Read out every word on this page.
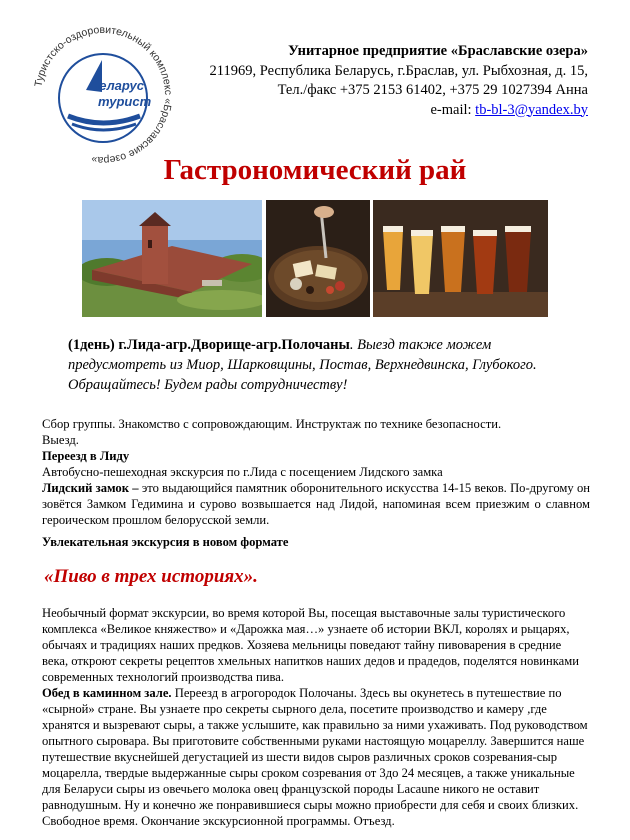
Туристско-оздоровительный комплекс «Браславские озера»
Беларус
турист
Унитарное предприятие «Браславские озера»
211969, Республика Беларусь, г.Браслав, ул. Рыбхозная, д. 15,
Тел./факс +375 2153 61402, +375 29 1027394 Анна
e-mail: tb-bl-3@yandex.by
Гастрономический рай
(1день) г.Лида-агр.Дворище-агр.Полочаны. Выезд также можем предусмотреть из Миор, Шарковщины, Постав, Верхнедвинска, Глубокого. Обращайтесь! Будем рады сотрудничеству!

Сбор группы. Знакомство с сопровождающим. Инструктаж по технике безопасности.

Выезд.

Переезд в Лиду

Автобусно-пешеходная экскурсия по г.Лида с посещением Лидского замка

Лидский замок – это выдающийся памятник оборонительного искусства 14-15 веков. По-другому он зовётся Замком Гедимина и сурово возвышается над Лидой, напоминая всем приезжим о славном героическом прошлом белорусской земли.

Увлекательная экскурсия в новом формате
«Пиво в трех историях».

Необычный формат экскурсии, во время которой Вы, посещая выставочные залы туристического комплекса «Великое княжество» и «Дарожка мая…» узнаете об истории ВКЛ, королях и рыцарях, обычаях и традициях наших предков. Хозяева мельницы поведают тайну пивоварения в средние века, откроют секреты рецептов хмельных напитков наших дедов и прадедов, поделятся новинками современных технологий производства пива.

Обед в каминном зале. Переезд в агрогородок Полочаны. Здесь вы окунетесь в путешествие по «сырной» стране. Вы узнаете про секреты сырного дела, посетите производство и камеру ,где хранятся и вызревают сыры, а также услышите, как правильно за ними ухаживать. Под руководством опытного сыровара. Вы приготовите собственными руками настоящую моцареллу. Завершится наше путешествие вкуснейшей дегустацией из шести видов сыров различных сроков созревания-сыр моцарелла, твердые выдержанные сыры сроком созревания от 3до 24 месяцев, а также уникальные для Беларуси сыры из овечьего молока овец французской породы Lacaune никого не оставит равнодушным. Ну и конечно же понравившиеся сыры можно приобрести для себя и своих близких.

Свободное время. Окончание экскурсионной программы. Отъезд.
